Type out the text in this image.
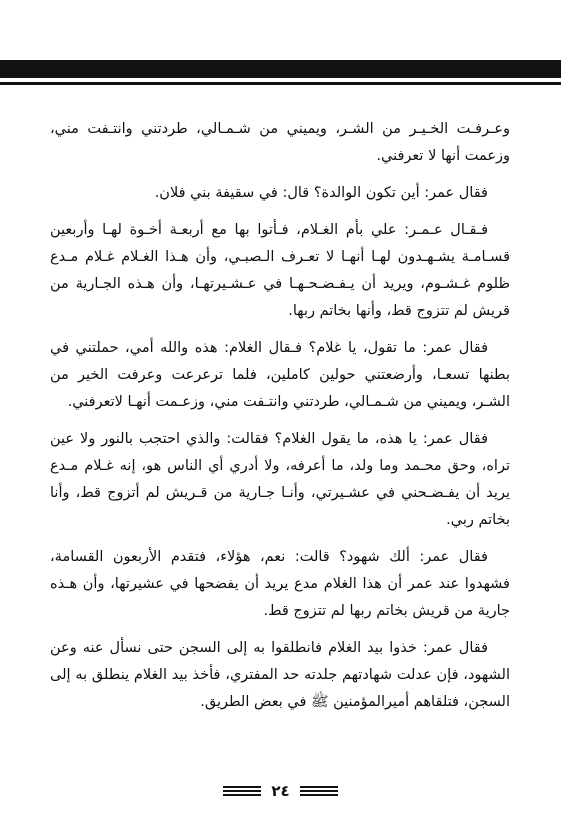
وعـرفـت الخـيـر من الشـر، ويميني من شـمـالي، طردتني وانتـفت مني، وزعمت أنها لا تعرفني.

فقال عمر: أين تكون الوالدة؟ قال: في سقيفة بني فلان.

فـقـال عـمـر: علي بأم الغـلام، فـأتوا بها مع أربعـة أخـوة لهـا وأربعين قسـامـة يشـهـدون لهـا أنهـا لا تعـرف الـصبـي، وأن هـذا الغـلام غـلام مـدع ظلوم غـشـوم، ويريد أن يـفـضـحـهـا في عـشـيرتهـا، وأن هـذه الجـارية من قريش لم تتزوج قط، وأنها بخاتم ربها.

فقال عمر: ما تقول، يا غلام؟ فـقال الغلام: هذه والله أمي، حملتني في بطنها تسعـا، وأرضعتني حولين كاملين، فلما ترعرعت وعرفت الخير من الشـر، ويميني من شـمـالي، طردتني وانتـفت مني، وزعـمت أنهـا لاتعرفني.

فقال عمر: يا هذه، ما يقول الغلام؟ فقالت: والذي احتجب بالنور ولا عين تراه، وحق محـمد وما ولد، ما أعرفه، ولا أدري أي الناس هو، إنه غـلام مـدع يريد أن يفـضـحني في عشـيرتي، وأنـا جـارية من قـريش لم أتزوج قط، وأنا بخاتم ربي.

فقال عمر: ألك شهود؟ قالت: نعم، هؤلاء، فتقدم الأربعون القسامة، فشهدوا عند عمر أن هذا الغلام مدع يريد أن يفضحها في عشيرتها، وأن هـذه جارية من قريش بخاتم ربها لم تتزوج قط.

فقال عمر: خذوا بيد الغلام فانطلقوا به إلى السجن حتى نسأل عنه وعن الشهود، فإن عدلت شهادتهم جلدته حد المفتري، فأخذ بيد الغلام ينطلق به إلى السجن، فتلقاهم أميرالمؤمنين ﷺ في بعض الطريق.

٢٤
